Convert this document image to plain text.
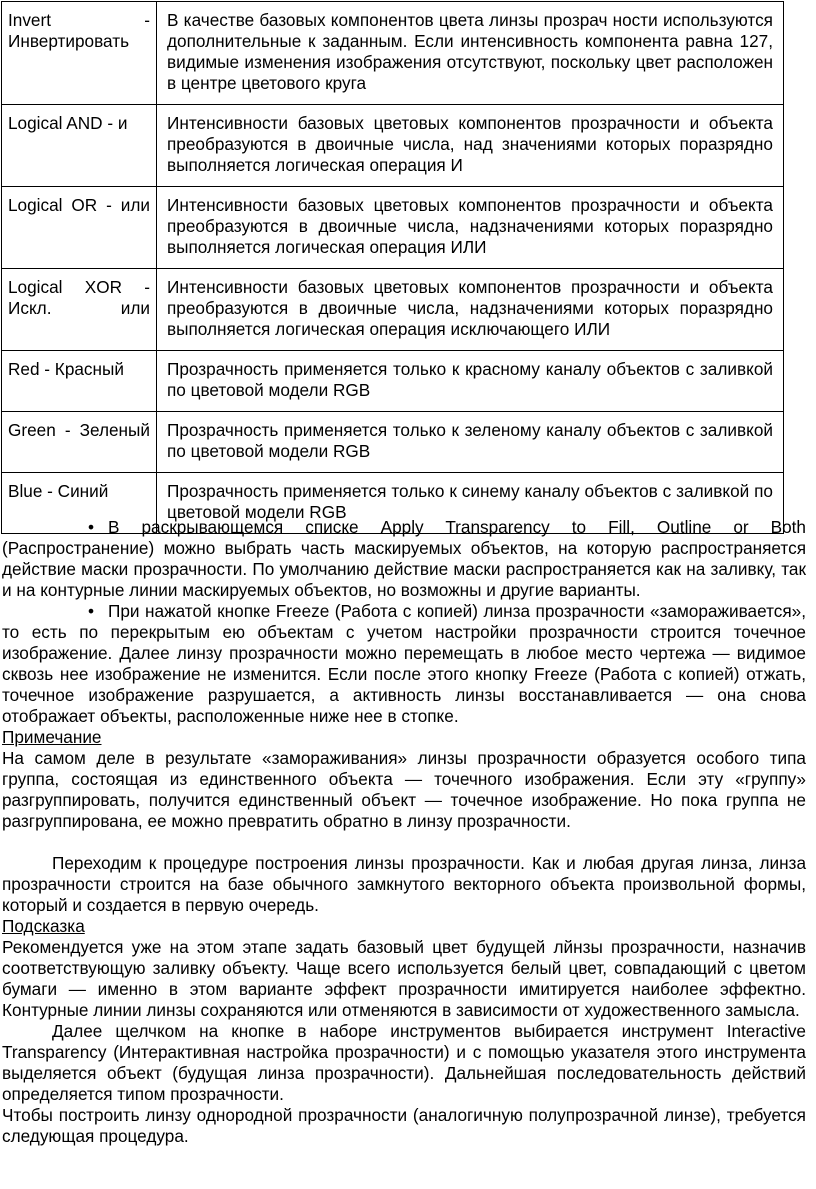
Invert - Инвертировать	В качестве базовых компонентов цвета линзы прозрач ности используются дополнительные к заданным. Если интенсивность компонента равна 127, видимые изменения изображения отсутствуют, поскольку цвет расположен в центре цветового круга
Logical AND - и	Интенсивности базовых цветовых компонентов прозрачности и объекта преобразуются в двоичные числа, над значениями которых поразрядно выполняется логическая операция И
Logical OR - или	Интенсивности базовых цветовых компонентов прозрачности и объекта преобразуются в двоичные числа, надзначениями которых поразрядно выполняется логическая операция ИЛИ
Logical XOR - Искл. или	Интенсивности базовых цветовых компонентов прозрачности и объекта преобразуются в двоичные числа, надзначениями которых поразрядно выполняется логическая операция исключающего ИЛИ
Red - Красный	Прозрачность применяется только к красному каналу объектов с заливкой по цветовой модели RGB
Green - Зеленый	Прозрачность применяется только к зеленому каналу объектов с заливкой по цветовой модели RGB
Blue - Синий	Прозрачность применяется только к синему каналу объектов с заливкой по цветовой модели RGB

• В раскрывающемся списке Apply Transparency to Fill, Outline or Both (Распространение) можно выбрать часть маскируемых объектов, на которую распространяется действие маски прозрачности. По умолчанию действие маски распространяется как на заливку, так и на контурные линии маскируемых объектов, но возможны и другие варианты.

• При нажатой кнопке Freeze (Работа с копией) линза прозрачности «замораживается», то есть по перекрытым ею объектам с учетом настройки прозрачности строится точечное изображение. Далее линзу прозрачности можно перемещать в любое место чертежа — видимое сквозь нее изображение не изменится. Если после этого кнопку Freeze (Работа с копией) отжать, точечное изображение разрушается, а активность линзы восстанавливается — она снова отображает объекты, расположенные ниже нее в стопке.

Примечание

На самом деле в результате «замораживания» линзы прозрачности образуется особого типа группа, состоящая из единственного объекта — точечного изображения. Если эту «группу» разгруппировать, получится единственный объект — точечное изображение. Но пока группа не разгруппирована, ее можно превратить обратно в линзу прозрачности.

Переходим к процедуре построения линзы прозрачности. Как и любая другая линза, линза прозрачности строится на базе обычного замкнутого векторного объекта произвольной формы, который и создается в первую очередь.

Подсказка

Рекомендуется уже на этом этапе задать базовый цвет будущей лйнзы прозрачности, назначив соответствующую заливку объекту. Чаще всего используется белый цвет, совпадающий с цветом бумаги — именно в этом варианте эффект прозрачности имитируется наиболее эффектно. Контурные линии линзы сохраняются или отменяются в зависимости от художественного замысла.

Далее щелчком на кнопке в наборе инструментов выбирается инструмент Interactive Transparency (Интерактивная настройка прозрачности) и с помощью указателя этого инструмента выделяется объект (будущая линза прозрачности). Дальнейшая последовательность действий определяется типом прозрачности.

Чтобы построить линзу однородной прозрачности (аналогичную полупрозрачной линзе), требуется следующая процедура.
